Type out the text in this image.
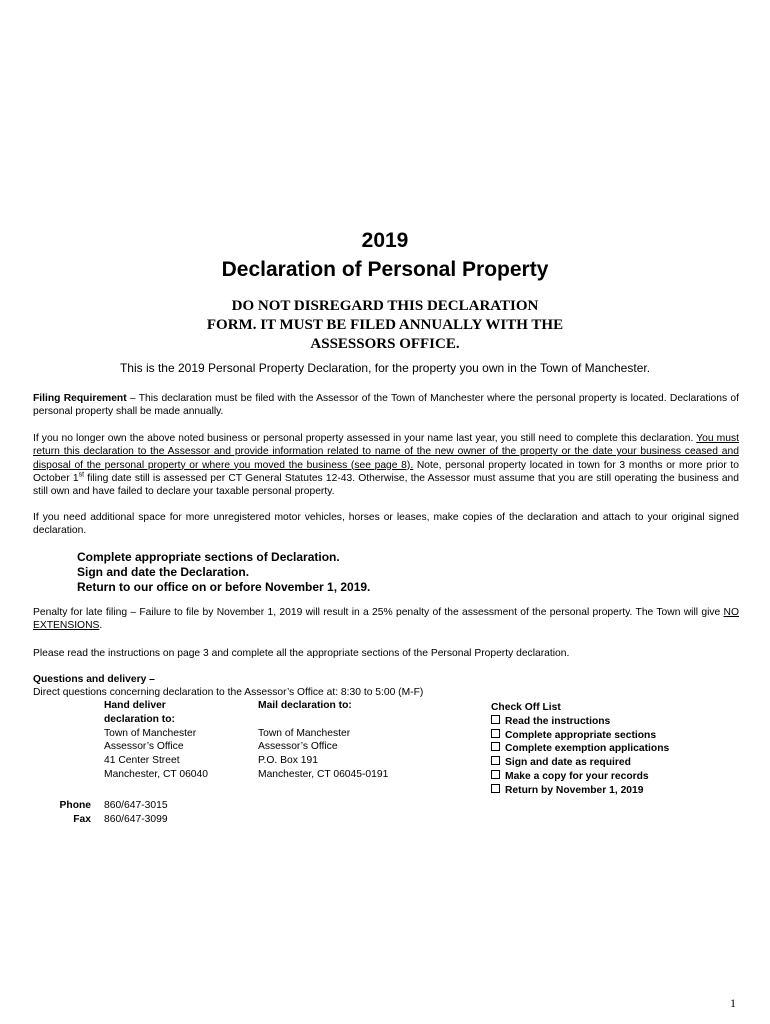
2019
Declaration of Personal Property
DO NOT DISREGARD THIS DECLARATION
FORM. IT MUST BE FILED ANNUALLY WITH THE
ASSESSORS OFFICE.
This is the 2019 Personal Property Declaration, for the property you own in the Town of Manchester.
Filing Requirement – This declaration must be filed with the Assessor of the Town of Manchester where the personal property is located. Declarations of personal property shall be made annually.
If you no longer own the above noted business or personal property assessed in your name last year, you still need to complete this declaration. You must return this declaration to the Assessor and provide information related to name of the new owner of the property or the date your business ceased and disposal of the personal property or where you moved the business (see page 8). Note, personal property located in town for 3 months or more prior to October 1st filing date still is assessed per CT General Statutes 12-43. Otherwise, the Assessor must assume that you are still operating the business and still own and have failed to declare your taxable personal property.
If you need additional space for more unregistered motor vehicles, horses or leases, make copies of the declaration and attach to your original signed declaration.
Complete appropriate sections of Declaration.
Sign and date the Declaration.
Return to our office on or before November 1, 2019.
Penalty for late filing – Failure to file by November 1, 2019 will result in a 25% penalty of the assessment of the personal property. The Town will give NO EXTENSIONS.
Please read the instructions on page 3 and complete all the appropriate sections of the Personal Property declaration.
Questions and delivery –
Direct questions concerning declaration to the Assessor’s Office at: 8:30 to 5:00 (M-F)
Hand deliver
declaration to:
Town of Manchester
Assessor’s Office
41 Center Street
Manchester, CT 06040
Mail declaration to:

Town of Manchester
Assessor’s Office
P.O. Box 191
Manchester, CT 06045-0191
Check Off List
Read the instructions
Complete appropriate sections
Complete exemption applications
Sign and date as required
Make a copy for your records
Return by November 1, 2019
Phone	860/647-3015
Fax	860/647-3099
1
